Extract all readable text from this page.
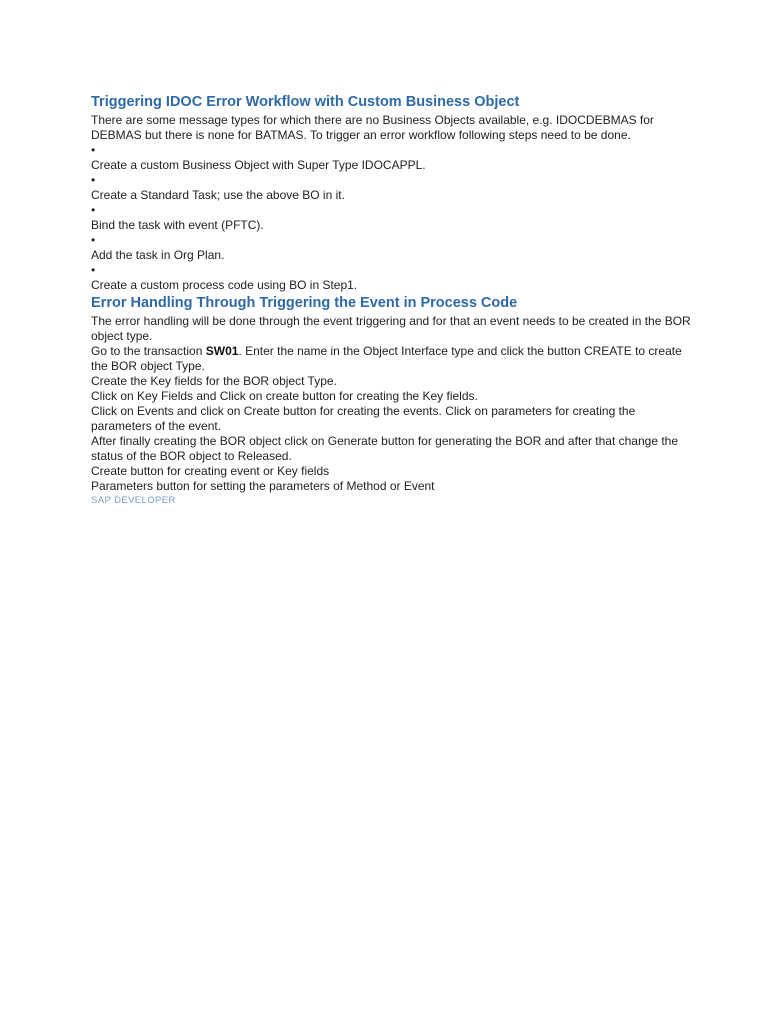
Triggering IDOC Error Workflow with Custom Business Object

There are some message types for which there are no Business Objects available, e.g. IDOCDEBMAS for DEBMAS but there is none for BATMAS. To trigger an error workflow following steps need to be done.

•

Create a custom Business Object with Super Type IDOCAPPL.

•

Create a Standard Task; use the above BO in it.

•

Bind the task with event (PFTC).

•

Add the task in Org Plan.

•

Create a custom process code using BO in Step1.

Error Handling Through Triggering the Event in Process Code

The error handling will be done through the event triggering and for that an event needs to be created in the BOR object type.

Go to the transaction SW01. Enter the name in the Object Interface type and click the button CREATE to create the BOR object Type.

Create the Key fields for the BOR object Type.

Click on Key Fields and Click on create button for creating the Key fields.

Click on Events and click on Create button for creating the events. Click on parameters for creating the parameters of the event.

After finally creating the BOR object click on Generate button for generating the BOR and after that change the status of the BOR object to Released.

Create button for creating event or Key fields

Parameters button for setting the parameters of Method or Event

SAP DEVELOPER
